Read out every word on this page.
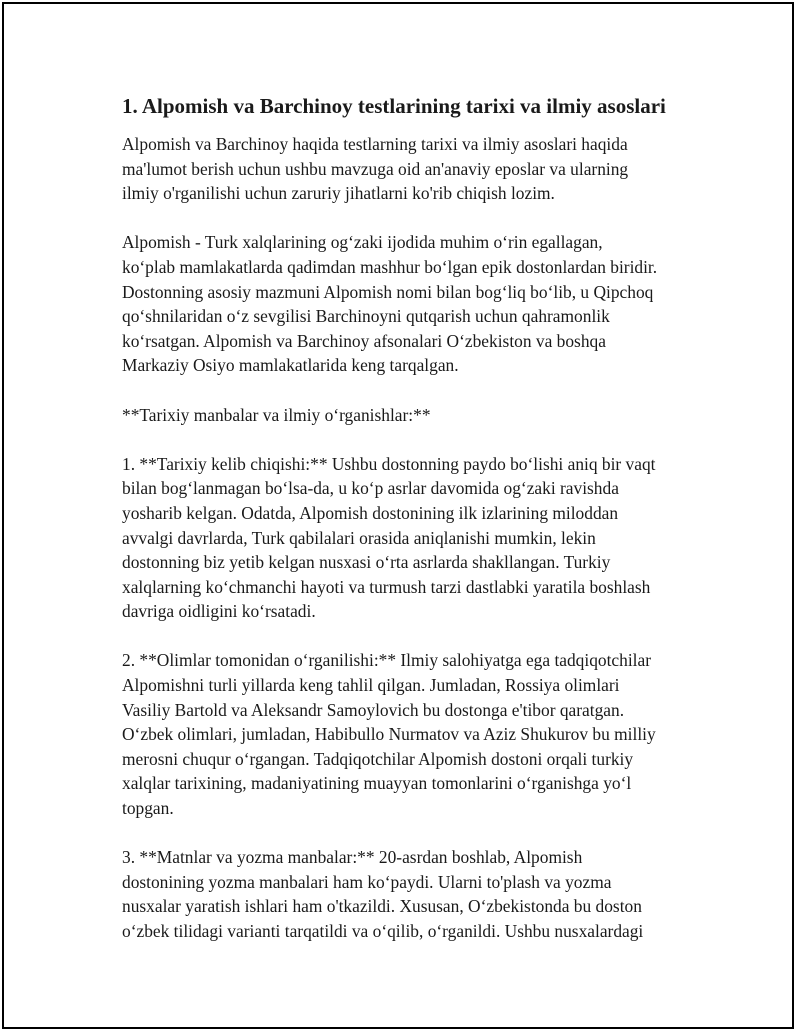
1. Alpomish va Barchinoy testlarining tarixi va ilmiy asoslari

Alpomish va Barchinoy haqida testlarning tarixi va ilmiy asoslari haqida
ma'lumot berish uchun ushbu mavzuga oid an'anaviy eposlar va ularning
ilmiy o'rganilishi uchun zaruriy jihatlarni ko'rib chiqish lozim.

Alpomish - Turk xalqlarining og‘zaki ijodida muhim o‘rin egallagan,
ko‘plab mamlakatlarda qadimdan mashhur bo‘lgan epik dostonlardan biridir.
Dostonning asosiy mazmuni Alpomish nomi bilan bog‘liq bo‘lib, u Qipchoq
qo‘shnilaridan o‘z sevgilisi Barchinoyni qutqarish uchun qahramonlik
ko‘rsatgan. Alpomish va Barchinoy afsonalari O‘zbekiston va boshqa
Markaziy Osiyo mamlakatlarida keng tarqalgan.

**Tarixiy manbalar va ilmiy o‘rganishlar:**

1. **Tarixiy kelib chiqishi:** Ushbu dostonning paydo bo‘lishi aniq bir vaqt
bilan bog‘lanmagan bo‘lsa-da, u ko‘p asrlar davomida og‘zaki ravishda
yosharib kelgan. Odatda, Alpomish dostonining ilk izlarining miloddan
avvalgi davrlarda, Turk qabilalari orasida aniqlanishi mumkin, lekin
dostonning biz yetib kelgan nusxasi o‘rta asrlarda shakllangan. Turkiy
xalqlarning ko‘chmanchi hayoti va turmush tarzi dastlabki yaratila boshlash
davriga oidligini ko‘rsatadi.

2. **Olimlar tomonidan o‘rganilishi:** Ilmiy salohiyatga ega tadqiqotchilar
Alpomishni turli yillarda keng tahlil qilgan. Jumladan, Rossiya olimlari
Vasiliy Bartold va Aleksandr Samoylovich bu dostonga e'tibor qaratgan.
O‘zbek olimlari, jumladan, Habibullo Nurmatov va Aziz Shukurov bu milliy
merosni chuqur o‘rgangan. Tadqiqotchilar Alpomish dostoni orqali turkiy
xalqlar tarixining, madaniyatining muayyan tomonlarini o‘rganishga yo‘l
topgan.

3. **Matnlar va yozma manbalar:** 20-asrdan boshlab, Alpomish
dostonining yozma manbalari ham ko‘paydi. Ularni to'plash va yozma
nusxalar yaratish ishlari ham o'tkazildi. Xususan, O‘zbekistonda bu doston
o‘zbek tilidagi varianti tarqatildi va o‘qilib, o‘rganildi. Ushbu nusxalardagi
